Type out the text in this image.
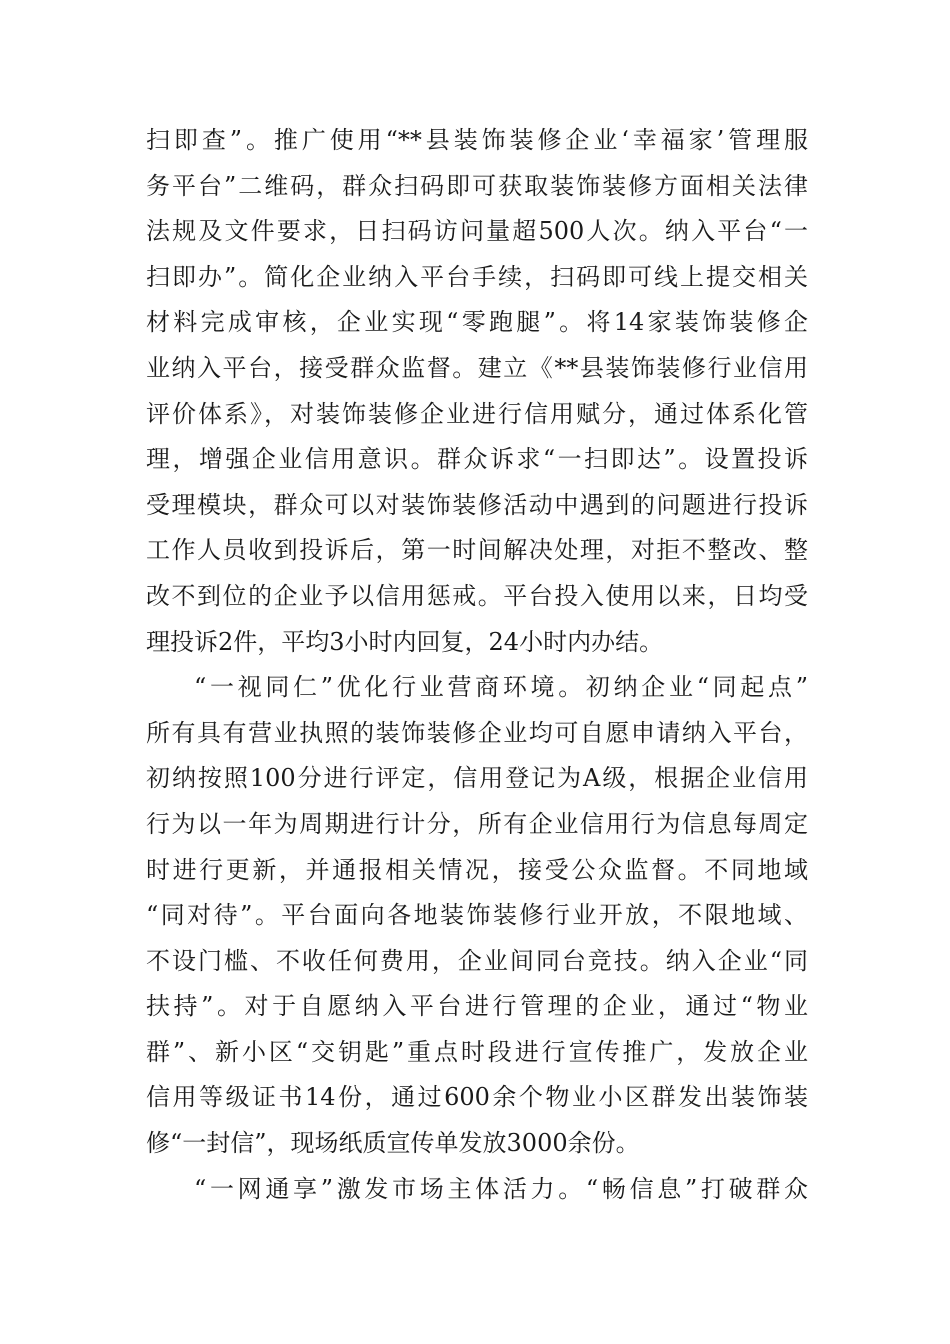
扫即查”。推广使用“**县装饰装修企业‘幸福家’管理服
务平台”二维码，群众扫码即可获取装饰装修方面相关法律
法规及文件要求，日扫码访问量超500人次。纳入平台“一
扫即办”。简化企业纳入平台手续，扫码即可线上提交相关
材料完成审核，企业实现“零跑腿”。将14家装饰装修企
业纳入平台，接受群众监督。建立《**县装饰装修行业信用
评价体系》，对装饰装修企业进行信用赋分，通过体系化管
理，增强企业信用意识。群众诉求“一扫即达”。设置投诉
受理模块，群众可以对装饰装修活动中遇到的问题进行投诉
工作人员收到投诉后，第一时间解决处理，对拒不整改、整
改不到位的企业予以信用惩戒。平台投入使用以来，日均受
理投诉2件，平均3小时内回复，24小时内办结。
“一视同仁”优化行业营商环境。初纳企业“同起点”
所有具有营业执照的装饰装修企业均可自愿申请纳入平台，
初纳按照100分进行评定，信用登记为A级，根据企业信用
行为以一年为周期进行计分，所有企业信用行为信息每周定
时进行更新，并通报相关情况，接受公众监督。不同地域
“同对待”。平台面向各地装饰装修行业开放，不限地域、
不设门槛、不收任何费用，企业间同台竞技。纳入企业“同
扶持”。对于自愿纳入平台进行管理的企业，通过“物业
群”、新小区“交钥匙”重点时段进行宣传推广，发放企业
信用等级证书14份，通过600余个物业小区群发出装饰装
修“一封信”，现场纸质宣传单发放3000余份。
“一网通享”激发市场主体活力。“畅信息”打破群众
